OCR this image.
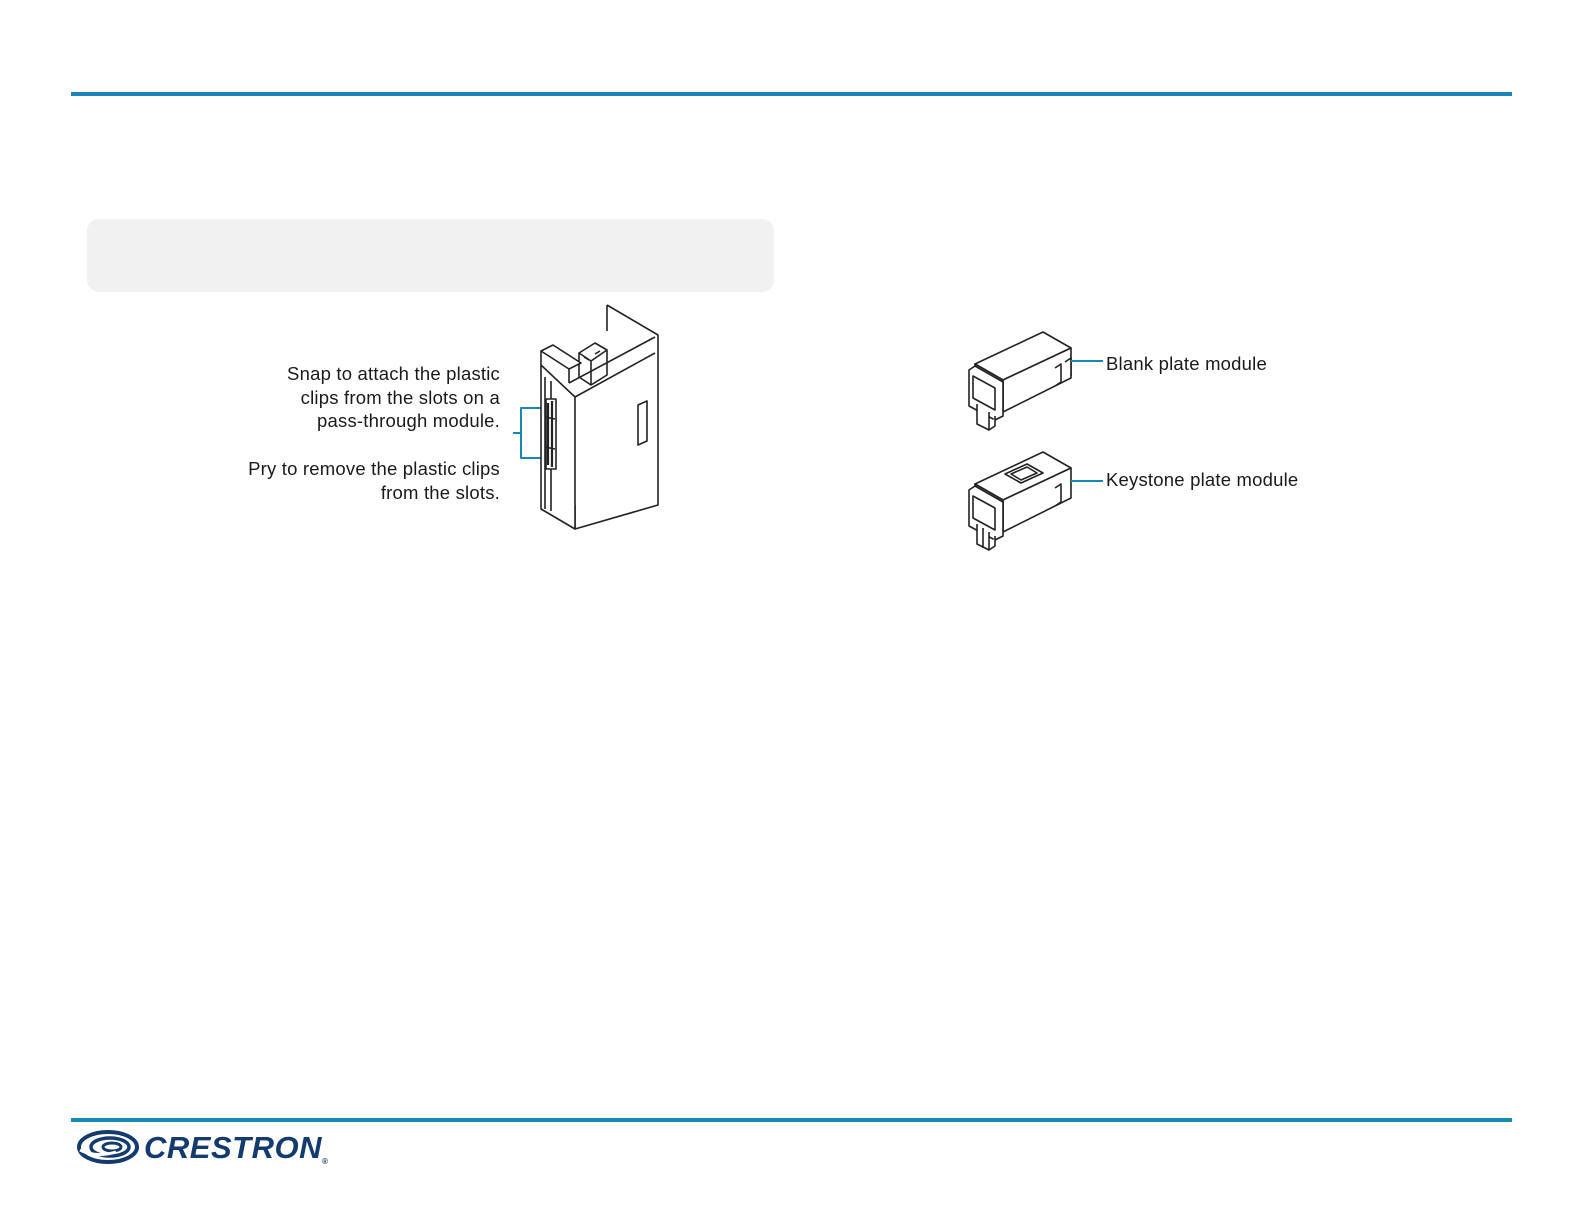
Snap to attach the plastic
clips from the slots on a
pass-through module.
Pry to remove the plastic clips
from the slots.
Blank plate module
Keystone plate module
CRESTRON®
